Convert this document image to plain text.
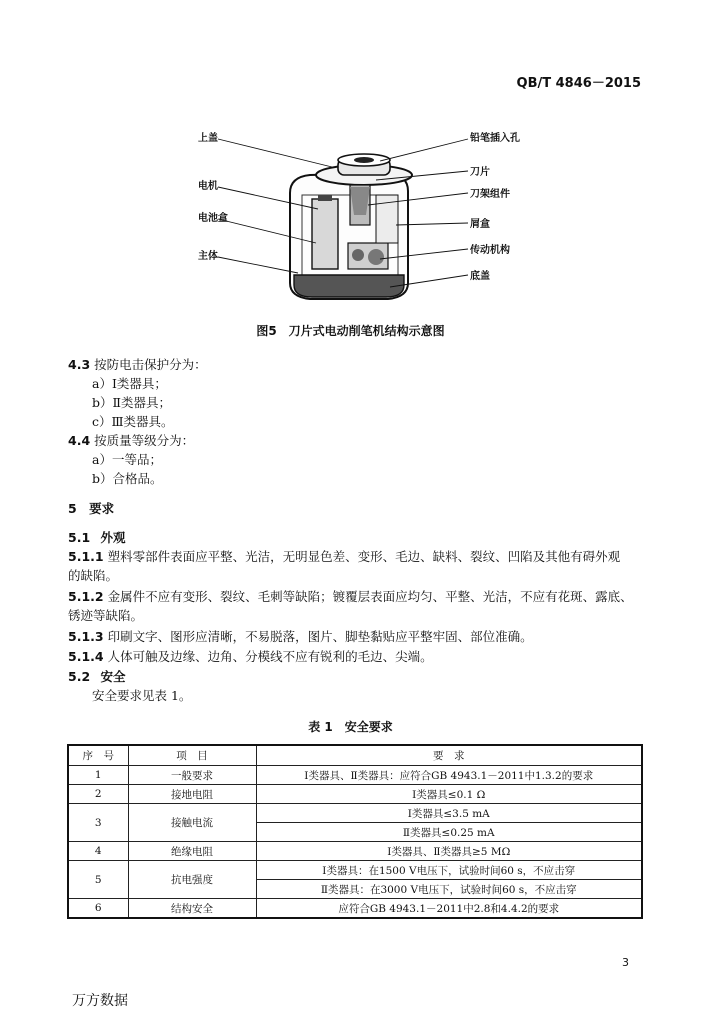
QB/T 4846－2015
上盖	铅笔插入孔
刀片
电机
刀架组件
电池盒
屑盒
传动机构
主体
底盖
图5　刀片式电动削笔机结构示意图
4.3 按防电击保护分为：
a）Ⅰ类器具；
b）Ⅱ类器具；
c）Ⅲ类器具。
4.4 按质量等级分为：
a）一等品；
b）合格品。
5 要求
5.1 外观
5.1.1 塑料零部件表面应平整、光洁，无明显色差、变形、毛边、缺料、裂纹、凹陷及其他有碍外观
的缺陷。
5.1.2 金属件不应有变形、裂纹、毛刺等缺陷；镀覆层表面应均匀、平整、光洁，不应有花斑、露底、
锈迹等缺陷。
5.1.3 印刷文字、图形应清晰，不易脱落，图片、脚垫黏贴应平整牢固、部位准确。
5.1.4 人体可触及边缘、边角、分模线不应有锐利的毛边、尖端。
5.2 安全
安全要求见表 1。
表 1　安全要求
序　号	项　目	要　求
1	一般要求	Ⅰ类器具、Ⅱ类器具：应符合GB 4943.1－2011中1.3.2的要求
2	接地电阻	Ⅰ类器具≤0.1 Ω
3	接触电流	Ⅰ类器具≤3.5 mA
		Ⅱ类器具≤0.25 mA
4	绝缘电阻	Ⅰ类器具、Ⅱ类器具≥5 MΩ
5	抗电强度	Ⅰ类器具：在1500 V电压下，试验时间60 s，不应击穿
		Ⅱ类器具：在3000 V电压下，试验时间60 s，不应击穿
6	结构安全	应符合GB 4943.1－2011中2.8和4.4.2的要求
3
万方数据
